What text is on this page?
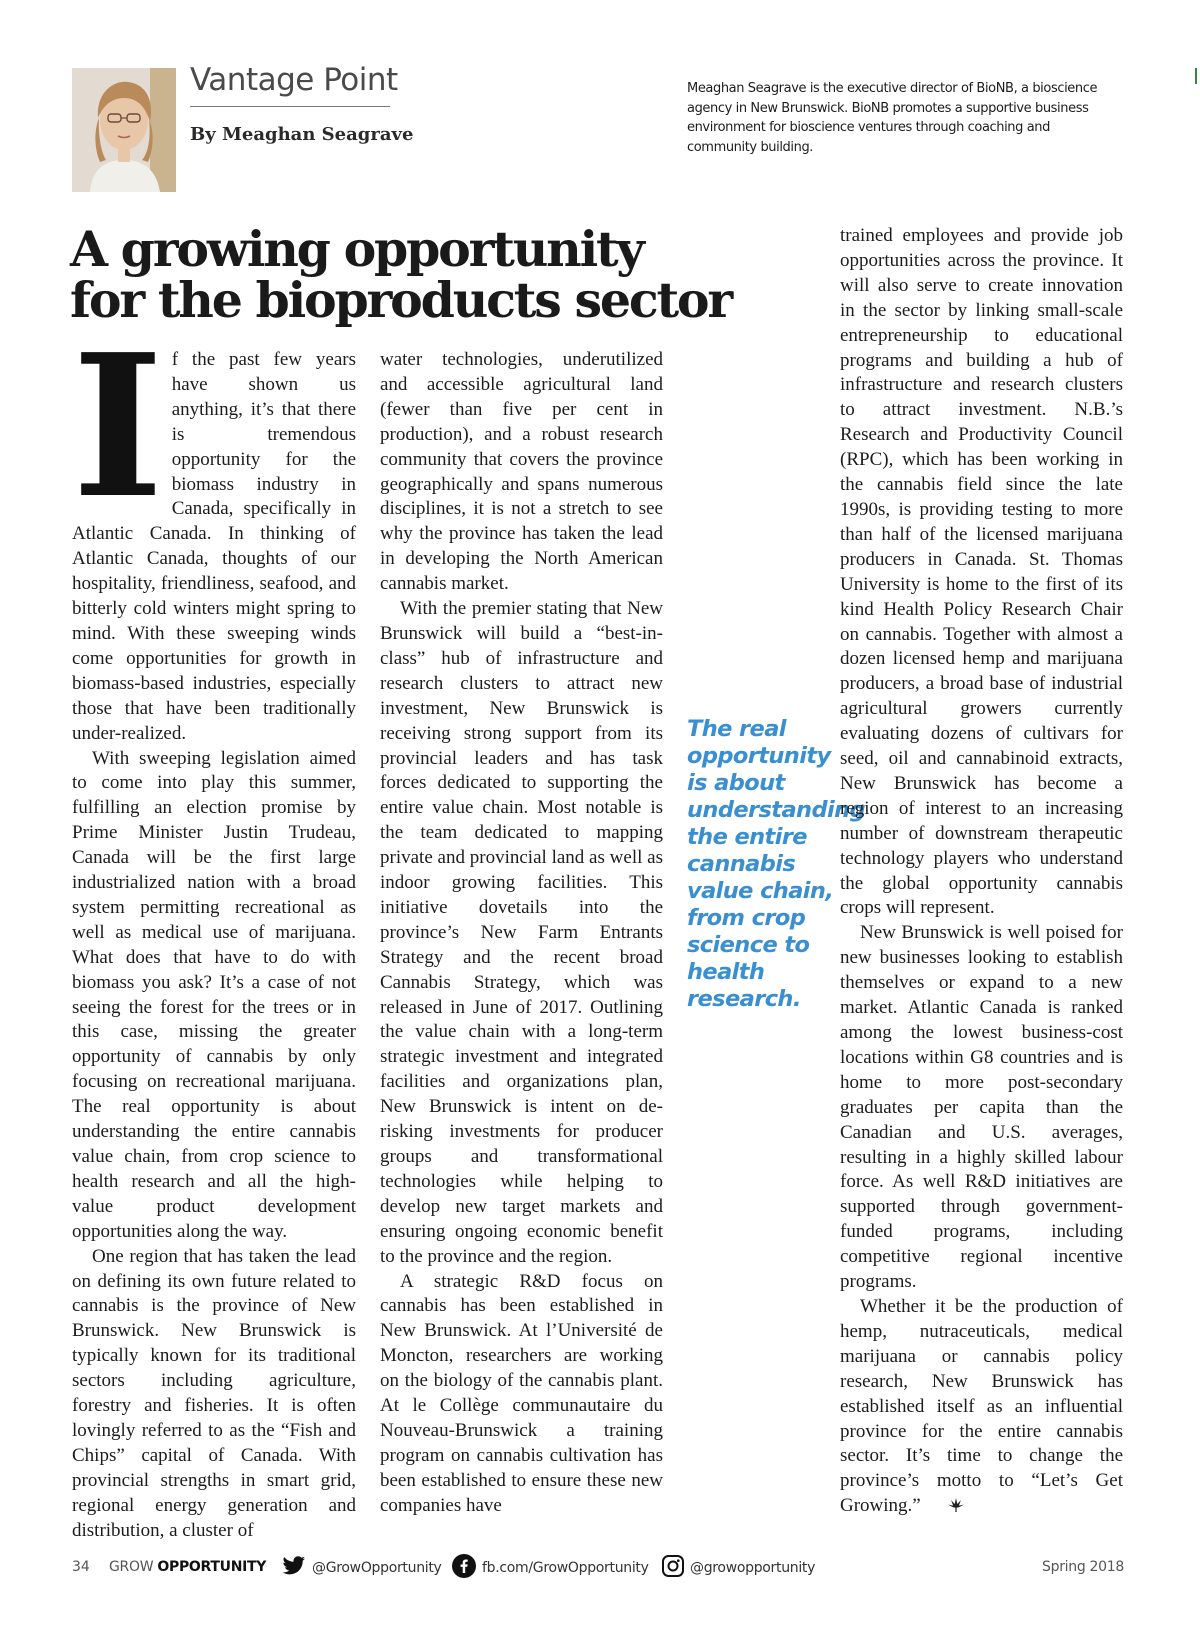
Vantage Point
By Meaghan Seagrave
Meaghan Seagrave is the executive director of BioNB, a bioscience agency in New Brunswick. BioNB promotes a supportive business environment for bioscience ventures through coaching and community building.
A growing opportunity
for the bioproducts sector

If the past few years have shown us anything, it’s that there is tremendous opportunity for the biomass industry in Canada, specifically in Atlantic Canada. In thinking of Atlantic Canada, thoughts of our hospitality, friendliness, seafood, and bitterly cold winters might spring to mind. With these sweeping winds come opportunities for growth in biomass-based industries, especially those that have been traditionally under-realized.

With sweeping legislation aimed to come into play this summer, fulfilling an election promise by Prime Minister Justin Trudeau, Canada will be the first large industrialized nation with a broad system permitting recreational as well as medical use of marijuana. What does that have to do with biomass you ask? It’s a case of not seeing the forest for the trees or in this case, missing the greater opportunity of cannabis by only focusing on recreational marijuana. The real opportunity is about understanding the entire cannabis value chain, from crop science to health research and all the high-value product development opportunities along the way.

One region that has taken the lead on defining its own future related to cannabis is the province of New Brunswick. New Brunswick is typically known for its traditional sectors including agriculture, forestry and fisheries. It is often lovingly referred to as the “Fish and Chips” capital of Canada. With provincial strengths in smart grid, regional energy generation and distribution, a cluster of

water technologies, underutilized and accessible agricultural land (fewer than five per cent in production), and a robust research community that covers the province geographically and spans numerous disciplines, it is not a stretch to see why the province has taken the lead in developing the North American cannabis market.

With the premier stating that New Brunswick will build a “best-in-class” hub of infrastructure and research clusters to attract new investment, New Brunswick is receiving strong support from its provincial leaders and has task forces dedicated to supporting the entire value chain. Most notable is the team dedicated to mapping private and provincial land as well as indoor growing facilities. This initiative dovetails into the province’s New Farm Entrants Strategy and the recent broad Cannabis Strategy, which was released in June of 2017. Outlining the value chain with a long-term strategic investment and integrated facilities and organizations plan, New Brunswick is intent on de-risking investments for producer groups and transformational technologies while helping to develop new target markets and ensuring ongoing economic benefit to the province and the region.

A strategic R&D focus on cannabis has been established in New Brunswick. At l’Université de Moncton, researchers are working on the biology of the cannabis plant. At le Collège communautaire du Nouveau-Brunswick a training program on cannabis cultivation has been established to ensure these new companies have

The real opportunity is about understanding the entire cannabis value chain, from crop science to health research.

trained employees and provide job opportunities across the province. It will also serve to create innovation in the sector by linking small-scale entrepreneurship to educational programs and building a hub of infrastructure and research clusters to attract investment. N.B.’s Research and Productivity Council (RPC), which has been working in the cannabis field since the late 1990s, is providing testing to more than half of the licensed marijuana producers in Canada. St. Thomas University is home to the first of its kind Health Policy Research Chair on cannabis. Together with almost a dozen licensed hemp and marijuana producers, a broad base of industrial agricultural growers currently evaluating dozens of cultivars for seed, oil and cannabinoid extracts, New Brunswick has become a region of interest to an increasing number of downstream therapeutic technology players who understand the global opportunity cannabis crops will represent.

New Brunswick is well poised for new businesses looking to establish themselves or expand to a new market. Atlantic Canada is ranked among the lowest business-cost locations within G8 countries and is home to more post-secondary graduates per capita than the Canadian and U.S. averages, resulting in a highly skilled labour force. As well R&D initiatives are supported through government-funded programs, including competitive regional incentive programs.

Whether it be the production of hemp, nutraceuticals, medical marijuana or cannabis policy research, New Brunswick has established itself as an influential province for the entire cannabis sector. It’s time to change the province’s motto to “Let’s Get Growing.”

34 GROW OPPORTUNITY	@GrowOpportunity	fb.com/GrowOpportunity	@growopportunity	Spring 2018
